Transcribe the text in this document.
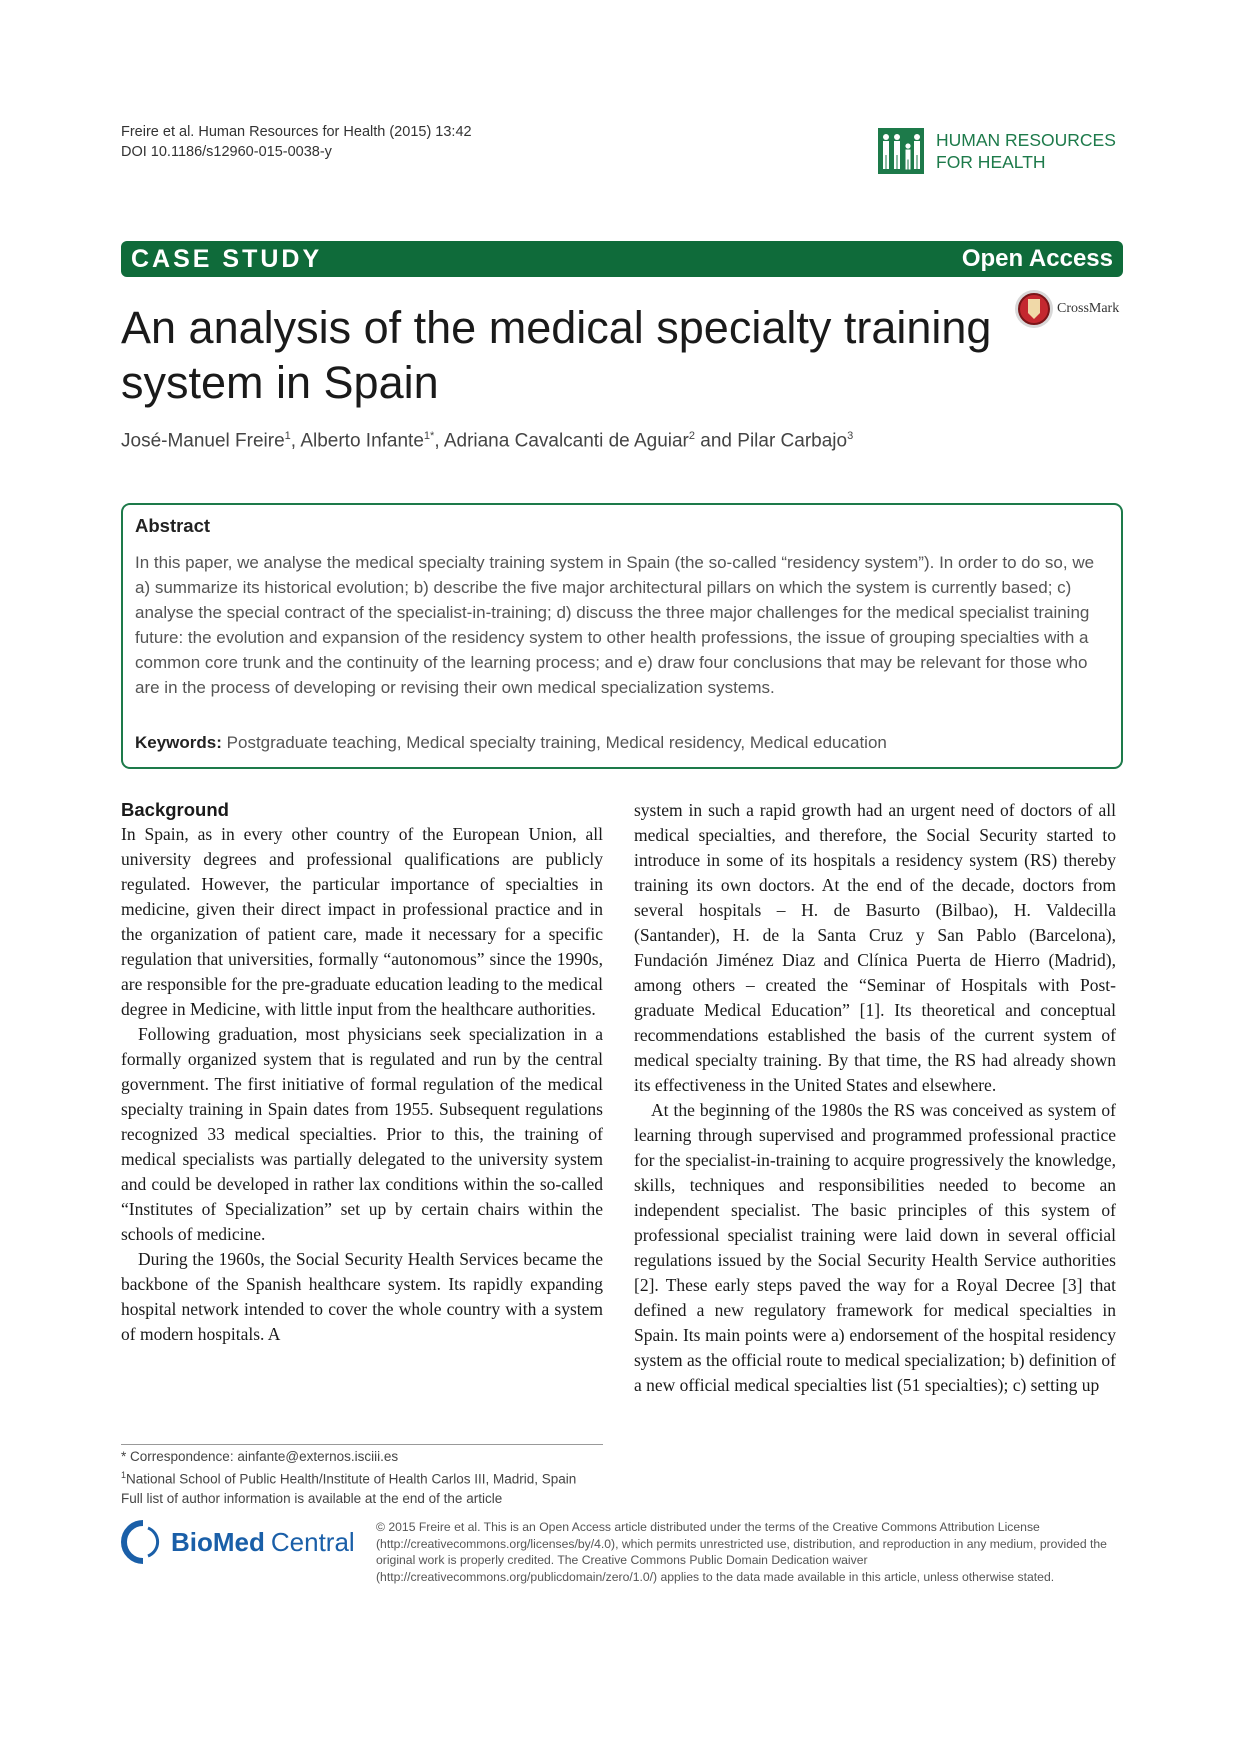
Freire et al. Human Resources for Health (2015) 13:42
DOI 10.1186/s12960-015-0038-y
HUMAN RESOURCES
FOR HEALTH
CASE STUDY	Open Access
CrossMark
An analysis of the medical specialty training system in Spain
José-Manuel Freire$^1$, Alberto Infante$^{1*}$, Adriana Cavalcanti de Aguiar$^2$ and Pilar Carbajo$^3$
Abstract

In this paper, we analyse the medical specialty training system in Spain (the so-called “residency system”). In order to do so, we a) summarize its historical evolution; b) describe the five major architectural pillars on which the system is currently based; c) analyse the special contract of the specialist-in-training; d) discuss the three major challenges for the medical specialist training future: the evolution and expansion of the residency system to other health professions, the issue of grouping specialties with a common core trunk and the continuity of the learning process; and e) draw four conclusions that may be relevant for those who are in the process of developing or revising their own medical specialization systems.

Keywords: Postgraduate teaching, Medical specialty training, Medical residency, Medical education
Background

In Spain, as in every other country of the European Union, all university degrees and professional qualifications are publicly regulated. However, the particular importance of specialties in medicine, given their direct impact in professional practice and in the organization of patient care, made it necessary for a specific regulation that universities, formally “autonomous” since the 1990s, are responsible for the pre-graduate education leading to the medical degree in Medicine, with little input from the healthcare authorities.

Following graduation, most physicians seek specialization in a formally organized system that is regulated and run by the central government. The first initiative of formal regulation of the medical specialty training in Spain dates from 1955. Subsequent regulations recognized 33 medical specialties. Prior to this, the training of medical specialists was partially delegated to the university system and could be developed in rather lax conditions within the so-called “Institutes of Specialization” set up by certain chairs within the schools of medicine.

During the 1960s, the Social Security Health Services became the backbone of the Spanish healthcare system. Its rapidly expanding hospital network intended to cover the whole country with a system of modern hospitals. A

system in such a rapid growth had an urgent need of doctors of all medical specialties, and therefore, the Social Security started to introduce in some of its hospitals a residency system (RS) thereby training its own doctors. At the end of the decade, doctors from several hospitals – H. de Basurto (Bilbao), H. Valdecilla (Santander), H. de la Santa Cruz y San Pablo (Barcelona), Fundación Jiménez Diaz and Clínica Puerta de Hierro (Madrid), among others – created the “Seminar of Hospitals with Post-graduate Medical Education” [1]. Its theoretical and conceptual recommendations established the basis of the current system of medical specialty training. By that time, the RS had already shown its effectiveness in the United States and elsewhere.

At the beginning of the 1980s the RS was conceived as system of learning through supervised and programmed professional practice for the specialist-in-training to acquire progressively the knowledge, skills, techniques and responsibilities needed to become an independent specialist. The basic principles of this system of professional specialist training were laid down in several official regulations issued by the Social Security Health Service authorities [2]. These early steps paved the way for a Royal Decree [3] that defined a new regulatory framework for medical specialties in Spain. Its main points were a) endorsement of the hospital residency system as the official route to medical specialization; b) definition of a new official medical specialties list (51 specialties); c) setting up

* Correspondence: ainfante@externos.isciii.es
$^1$National School of Public Health/Institute of Health Carlos III, Madrid, Spain
Full list of author information is available at the end of the article
BioMed Central © 2015 Freire et al. This is an Open Access article distributed under the terms of the Creative Commons Attribution License (http://creativecommons.org/licenses/by/4.0), which permits unrestricted use, distribution, and reproduction in any medium, provided the original work is properly credited. The Creative Commons Public Domain Dedication waiver (http://creativecommons.org/publicdomain/zero/1.0/) applies to the data made available in this article, unless otherwise stated.
